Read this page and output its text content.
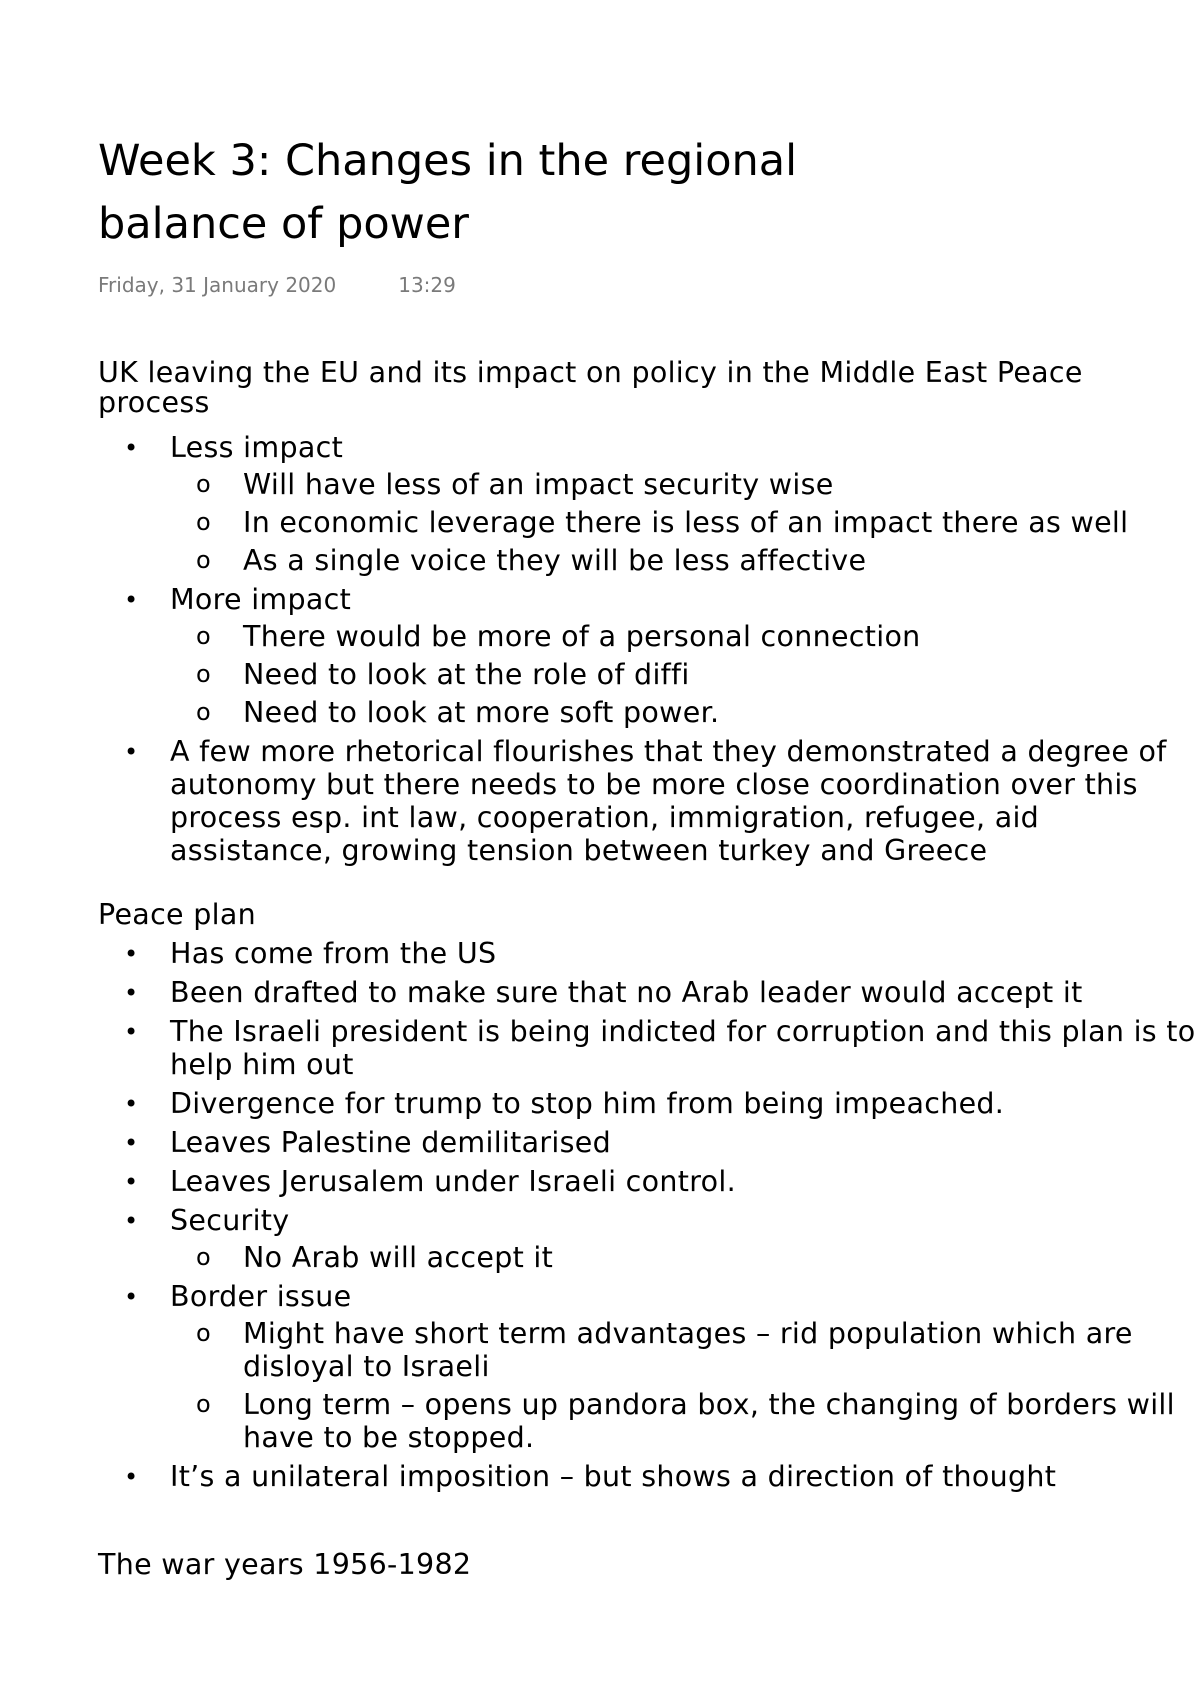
Week 3: Changes in the regional
balance of power
Friday, 31 January 2020	13:29
UK leaving the EU and its impact on policy in the Middle East Peace
process
• Less impact
o Will have less of an impact security wise
o In economic leverage there is less of an impact there as well
o As a single voice they will be less affective
• More impact
o There would be more of a personal connection
o Need to look at the role of diffi
o Need to look at more soft power.
• A few more rhetorical flourishes that they demonstrated a degree of
autonomy but there needs to be more close coordination over this
process esp. int law, cooperation, immigration, refugee, aid
assistance, growing tension between turkey and Greece
Peace plan
• Has come from the US
• Been drafted to make sure that no Arab leader would accept it
• The Israeli president is being indicted for corruption and this plan is to
help him out
• Divergence for trump to stop him from being impeached.
• Leaves Palestine demilitarised
• Leaves Jerusalem under Israeli control.
• Security
o No Arab will accept it
• Border issue
o Might have short term advantages – rid population which are
disloyal to Israeli
o Long term – opens up pandora box, the changing of borders will
have to be stopped.
• It’s a unilateral imposition – but shows a direction of thought
The war years 1956-1982
